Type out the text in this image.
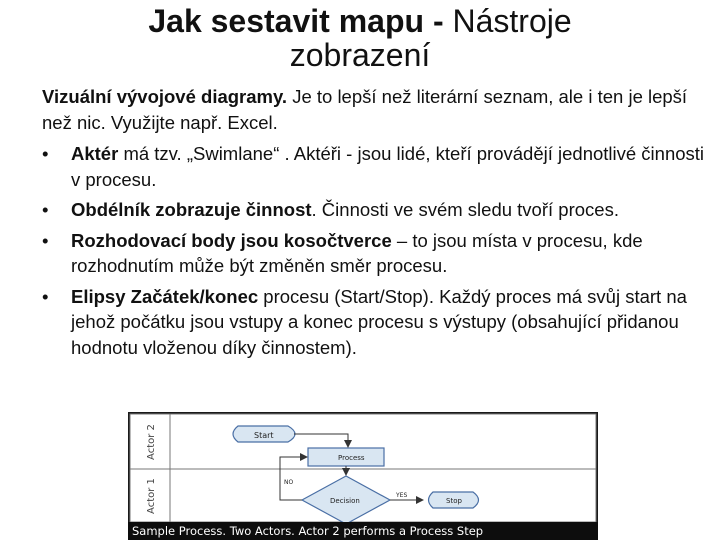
Jak sestavit mapu - Nástroje zobrazení

Vizuální vývojové diagramy. Je to lepší než literární seznam, ale i ten je lepší než nic. Využijte např. Excel.

•	Aktér má tzv. „Swimlane“ . Aktéři - jsou lidé, kteří provádějí jednotlivé činnosti v procesu.
•	Obdélník zobrazuje činnost. Činnosti ve svém sledu tvoří proces.
•	Rozhodovací body jsou kosočtverce – to jsou místa v procesu, kde rozhodnutím může být změněn směr procesu.
•	Elipsy Začátek/konec procesu (Start/Stop). Každý proces má svůj start na jehož počátku jsou vstupy a konec procesu s výstupy (obsahující přidanou hodnotu vloženou díky činnostem).
Actor 2
Actor 1
Start
Process
Decision	Stop
YES
NO
Sample Process. Two Actors. Actor 2 performs a Process Step
